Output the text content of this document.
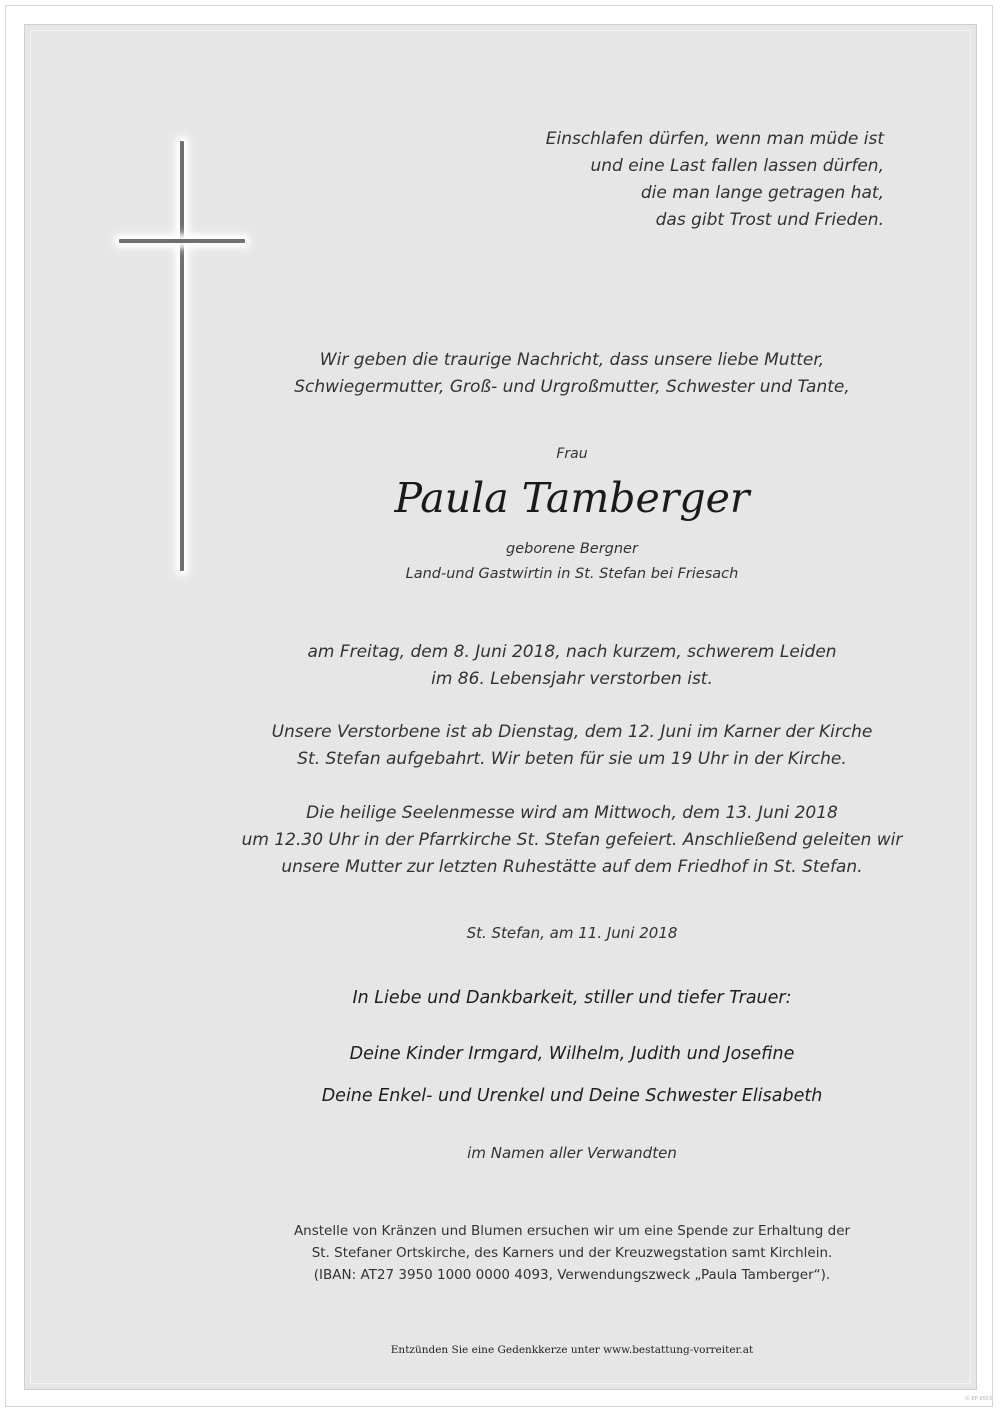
Einschlafen dürfen, wenn man müde ist
und eine Last fallen lassen dürfen,
die man lange getragen hat,
das gibt Trost und Frieden.

Wir geben die traurige Nachricht, dass unsere liebe Mutter,
Schwiegermutter, Groß- und Urgroßmutter, Schwester und Tante,

Frau

Paula Tamberger

geborene Bergner
Land-und Gastwirtin in St. Stefan bei Friesach

am Freitag, dem 8. Juni 2018, nach kurzem, schwerem Leiden
im 86. Lebensjahr verstorben ist.

Unsere Verstorbene ist ab Dienstag, dem 12. Juni im Karner der Kirche
St. Stefan aufgebahrt. Wir beten für sie um 19 Uhr in der Kirche.

Die heilige Seelenmesse wird am Mittwoch, dem 13. Juni 2018
um 12.30 Uhr in der Pfarrkirche St. Stefan gefeiert. Anschließend geleiten wir
unsere Mutter zur letzten Ruhestätte auf dem Friedhof in St. Stefan.

St. Stefan, am 11. Juni 2018

In Liebe und Dankbarkeit, stiller und tiefer Trauer:

Deine Kinder Irmgard, Wilhelm, Judith und Josefine

Deine Enkel- und Urenkel und Deine Schwester Elisabeth

im Namen aller Verwandten

Anstelle von Kränzen und Blumen ersuchen wir um eine Spende zur Erhaltung der
St. Stefaner Ortskirche, des Karners und der Kreuzwegstation samt Kirchlein.
(IBAN: AT27 3950 1000 0000 4093, Verwendungszweck „Paula Tamberger“).

Entzünden Sie eine Gedenkkerze unter www.bestattung-vorreiter.at

© EP 9503
